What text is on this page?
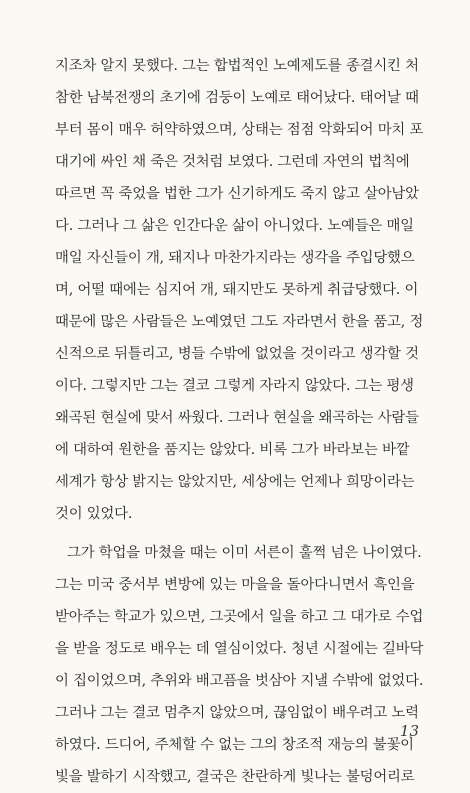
지조차 알지 못했다. 그는 합법적인 노예제도를 종결시킨 처
참한 남북전쟁의 초기에 검둥이 노예로 태어났다. 태어날 때
부터 몸이 매우 허약하였으며, 상태는 점점 악화되어 마치 포
대기에 싸인 채 죽은 것처럼 보였다. 그런데 자연의 법칙에
따르면 꼭 죽었을 법한 그가 신기하게도 죽지 않고 살아남았
다. 그러나 그 삶은 인간다운 삶이 아니었다. 노예들은 매일
매일 자신들이 개, 돼지나 마찬가지라는 생각을 주입당했으
며, 어떨 때에는 심지어 개, 돼지만도 못하게 취급당했다. 이
때문에 많은 사람들은 노예였던 그도 자라면서 한을 품고, 정
신적으로 뒤틀리고, 병들 수밖에 없었을 것이라고 생각할 것
이다. 그렇지만 그는 결코 그렇게 자라지 않았다. 그는 평생
왜곡된 현실에 맞서 싸웠다. 그러나 현실을 왜곡하는 사람들
에 대하여 원한을 품지는 않았다. 비록 그가 바라보는 바깥
세계가 항상 밝지는 않았지만, 세상에는 언제나 희망이라는
것이 있었다.
그가 학업을 마쳤을 때는 이미 서른이 훌쩍 넘은 나이였다.
그는 미국 중서부 변방에 있는 마을을 돌아다니면서 흑인을
받아주는 학교가 있으면, 그곳에서 일을 하고 그 대가로 수업
을 받을 정도로 배우는 데 열심이었다. 청년 시절에는 길바닥
이 집이었으며, 추위와 배고픔을 벗삼아 지낼 수밖에 없었다.
그러나 그는 결코 멈추지 않았으며, 끊임없이 배우려고 노력
하였다. 드디어, 주체할 수 없는 그의 창조적 재능의 불꽃이
빛을 발하기 시작했고, 결국은 찬란하게 빛나는 불덩어리로
13
